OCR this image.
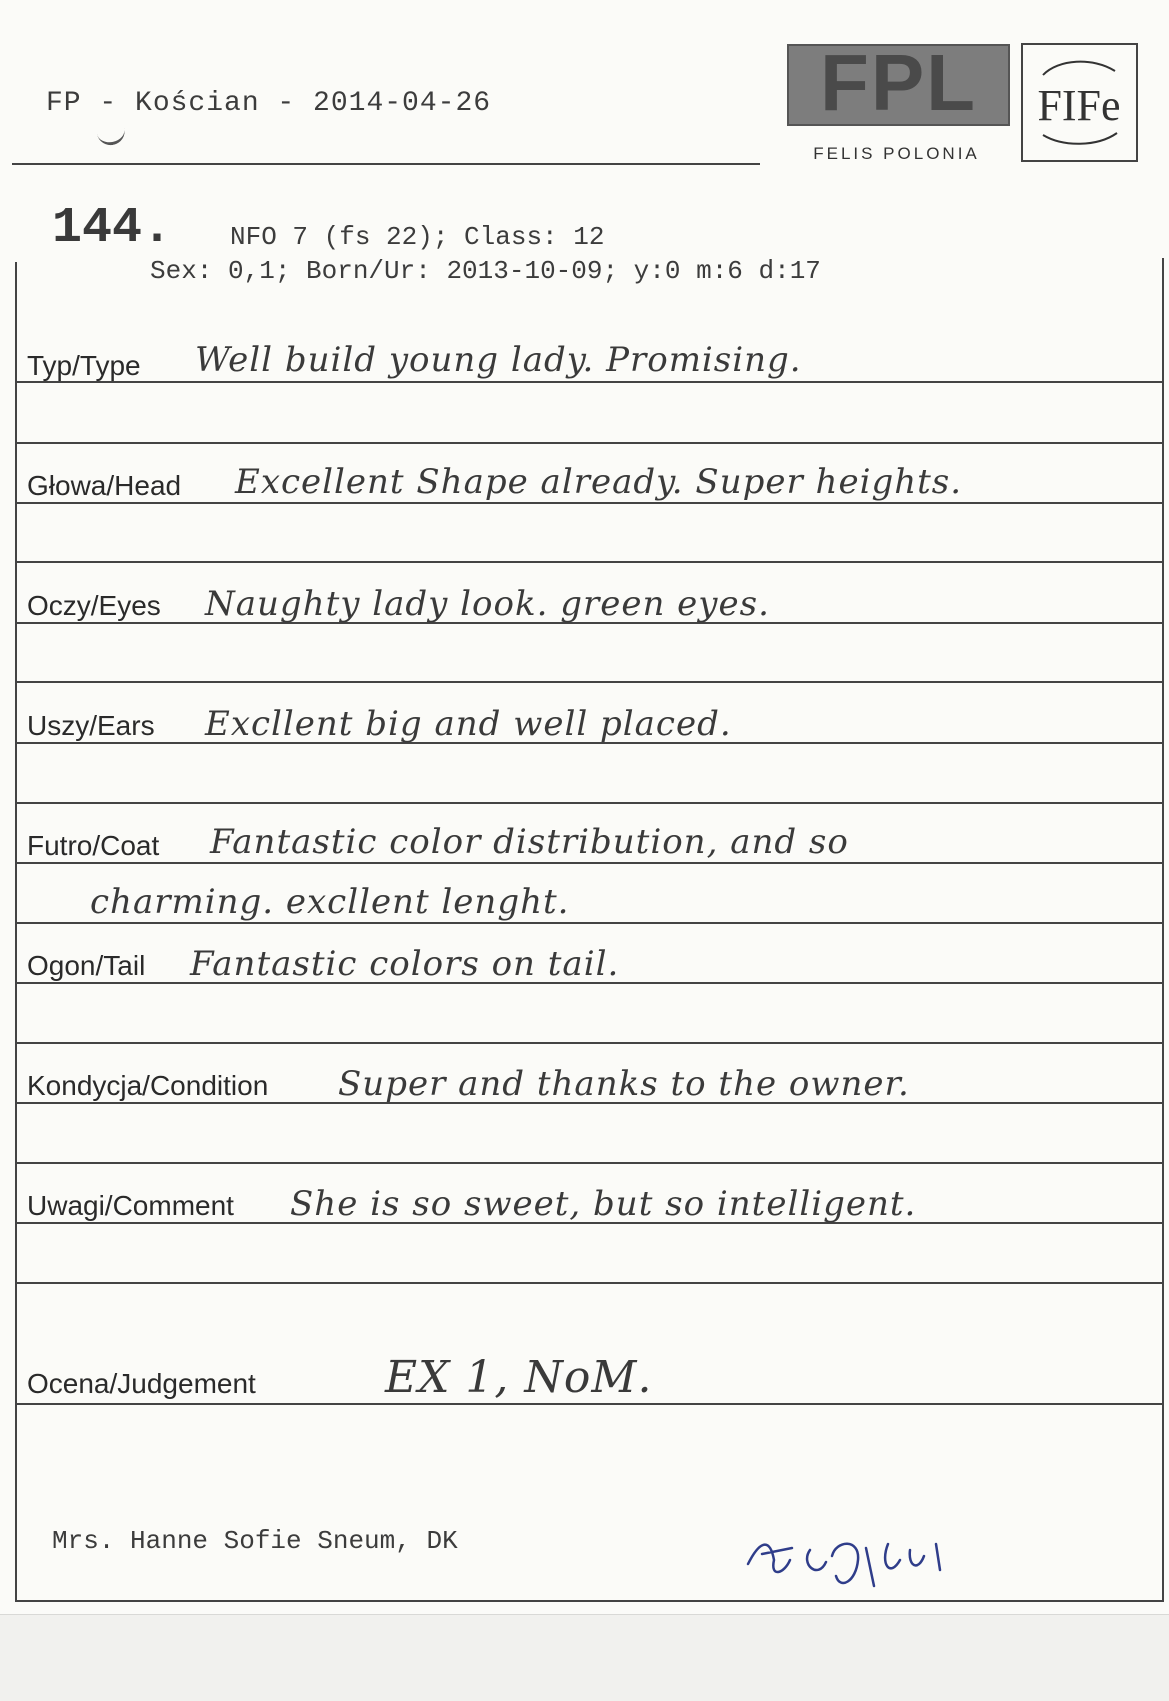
FP - Kościan - 2014-04-26	FPL
FELIS POLONIA
FIFe
144. NFO 7 (fs 22); Class: 12
Sex: 0,1; Born/Ur: 2013-10-09; y:0 m:6 d:17
Typ/Type Well build young lady. Promising.
Głowa/Head Excellent Shape already. Super heights.
Oczy/Eyes Naughty lady look. green eyes.
Uszy/Ears Excllent big and well placed.
Futro/Coat Fantastic color distribution, and so
charming. excllent lenght.
Ogon/Tail Fantastic colors on tail.
Kondycja/Condition Super and thanks to the owner.
Uwagi/Comment She is so sweet, but so intelligent.
Ocena/Judgement	EX 1, NoM.
Mrs. Hanne Sofie Sneum, DK
